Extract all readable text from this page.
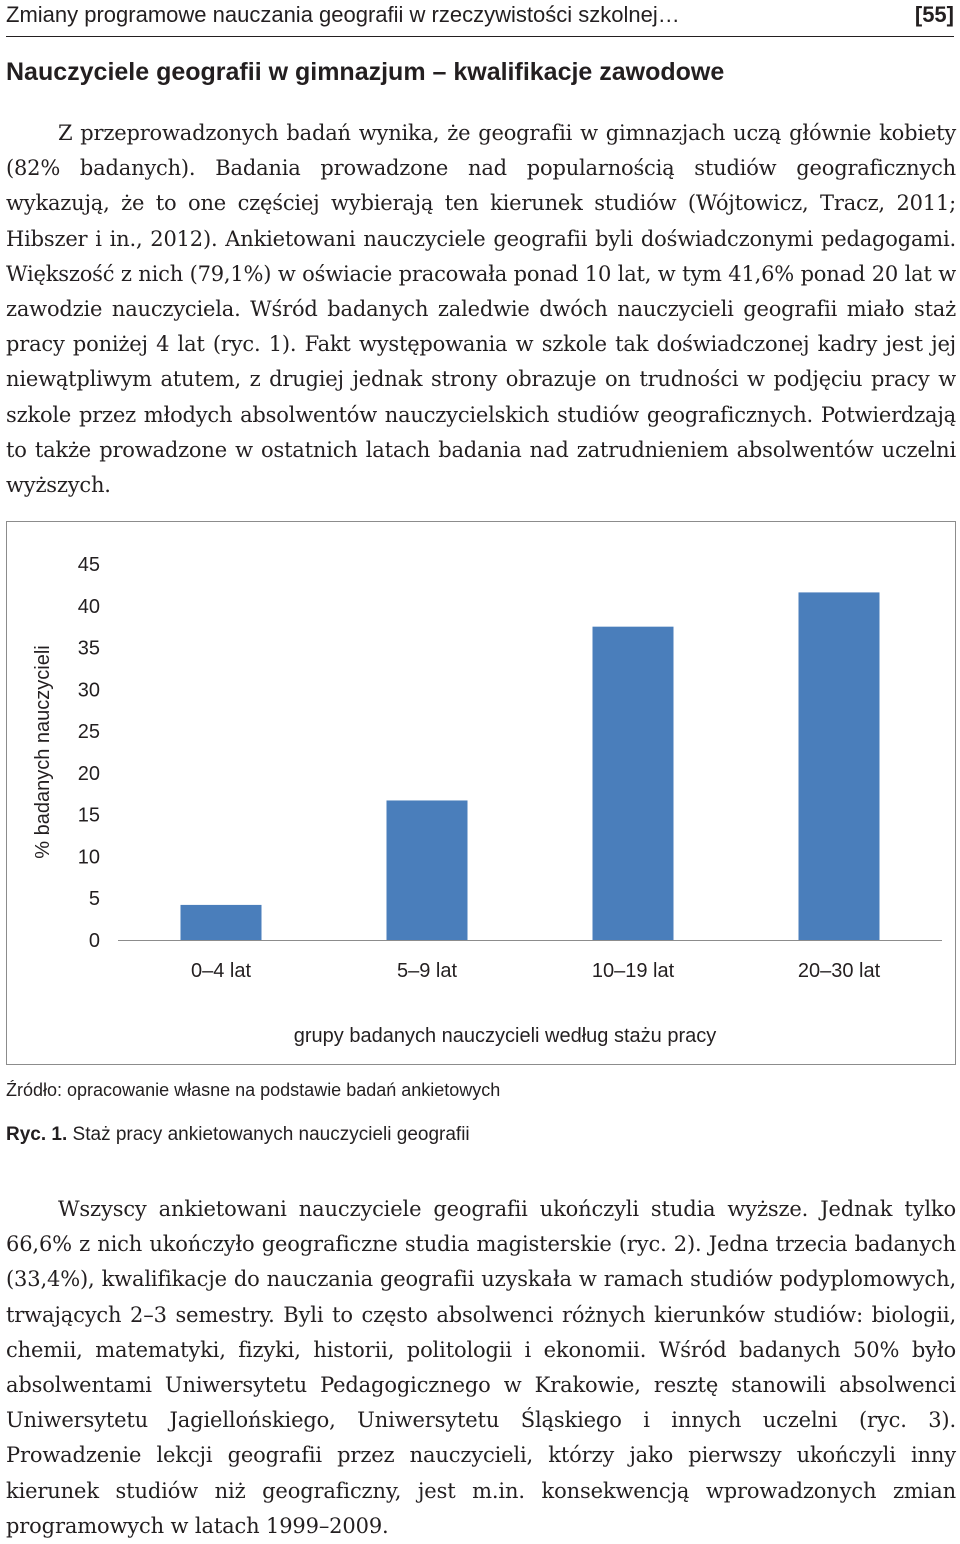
Zmiany programowe nauczania geografii w rzeczywistości szkolnej…	[55]
Nauczyciele geografii w gimnazjum – kwalifikacje zawodowe

Z przeprowadzonych badań wynika, że geografii w gimnazjach uczą głównie kobiety (82% badanych). Badania prowadzone nad popularnością studiów geograficznych wykazują, że to one częściej wybierają ten kierunek studiów (Wójtowicz, Tracz, 2011; Hibszer i in., 2012). Ankietowani nauczyciele geografii byli doświadczonymi pedagogami. Większość z nich (79,1%) w oświacie pracowała ponad 10 lat, w tym 41,6% ponad 20 lat w zawodzie nauczyciela. Wśród badanych zaledwie dwóch nauczycieli geografii miało staż pracy poniżej 4 lat (ryc. 1). Fakt występowania w szkole tak doświadczonej kadry jest jej niewątpliwym atutem, z drugiej jednak strony obrazuje on trudności w podjęciu pracy w szkole przez młodych absolwentów nauczycielskich studiów geograficznych. Potwierdzają to także prowadzone w ostatnich latach badania nad zatrudnieniem absolwentów uczelni wyższych.

0
5
10
15
20
25
30
35
40
45
0–4 lat	5–9 lat	10–19 lat	20–30 lat
grupy badanych nauczycieli według stażu pracy
% badanych nauczycieli
Źródło: opracowanie własne na podstawie badań ankietowych
Ryc. 1. Staż pracy ankietowanych nauczycieli geografii

Wszyscy ankietowani nauczyciele geografii ukończyli studia wyższe. Jednak tylko 66,6% z nich ukończyło geograficzne studia magisterskie (ryc. 2). Jedna trzecia badanych (33,4%), kwalifikacje do nauczania geografii uzyskała w ramach studiów podyplomowych, trwających 2–3 semestry. Byli to często absolwenci różnych kierunków studiów: biologii, chemii, matematyki, fizyki, historii, politologii i ekonomii. Wśród badanych 50% było absolwentami Uniwersytetu Pedagogicznego w Krakowie, resztę stanowili absolwenci Uniwersytetu Jagiellońskiego, Uniwersytetu Śląskiego i innych uczelni (ryc. 3). Prowadzenie lekcji geografii przez nauczycieli, którzy jako pierwszy ukończyli inny kierunek studiów niż geograficzny, jest m.in. konsekwencją wprowadzonych zmian programowych w latach 1999–2009.
